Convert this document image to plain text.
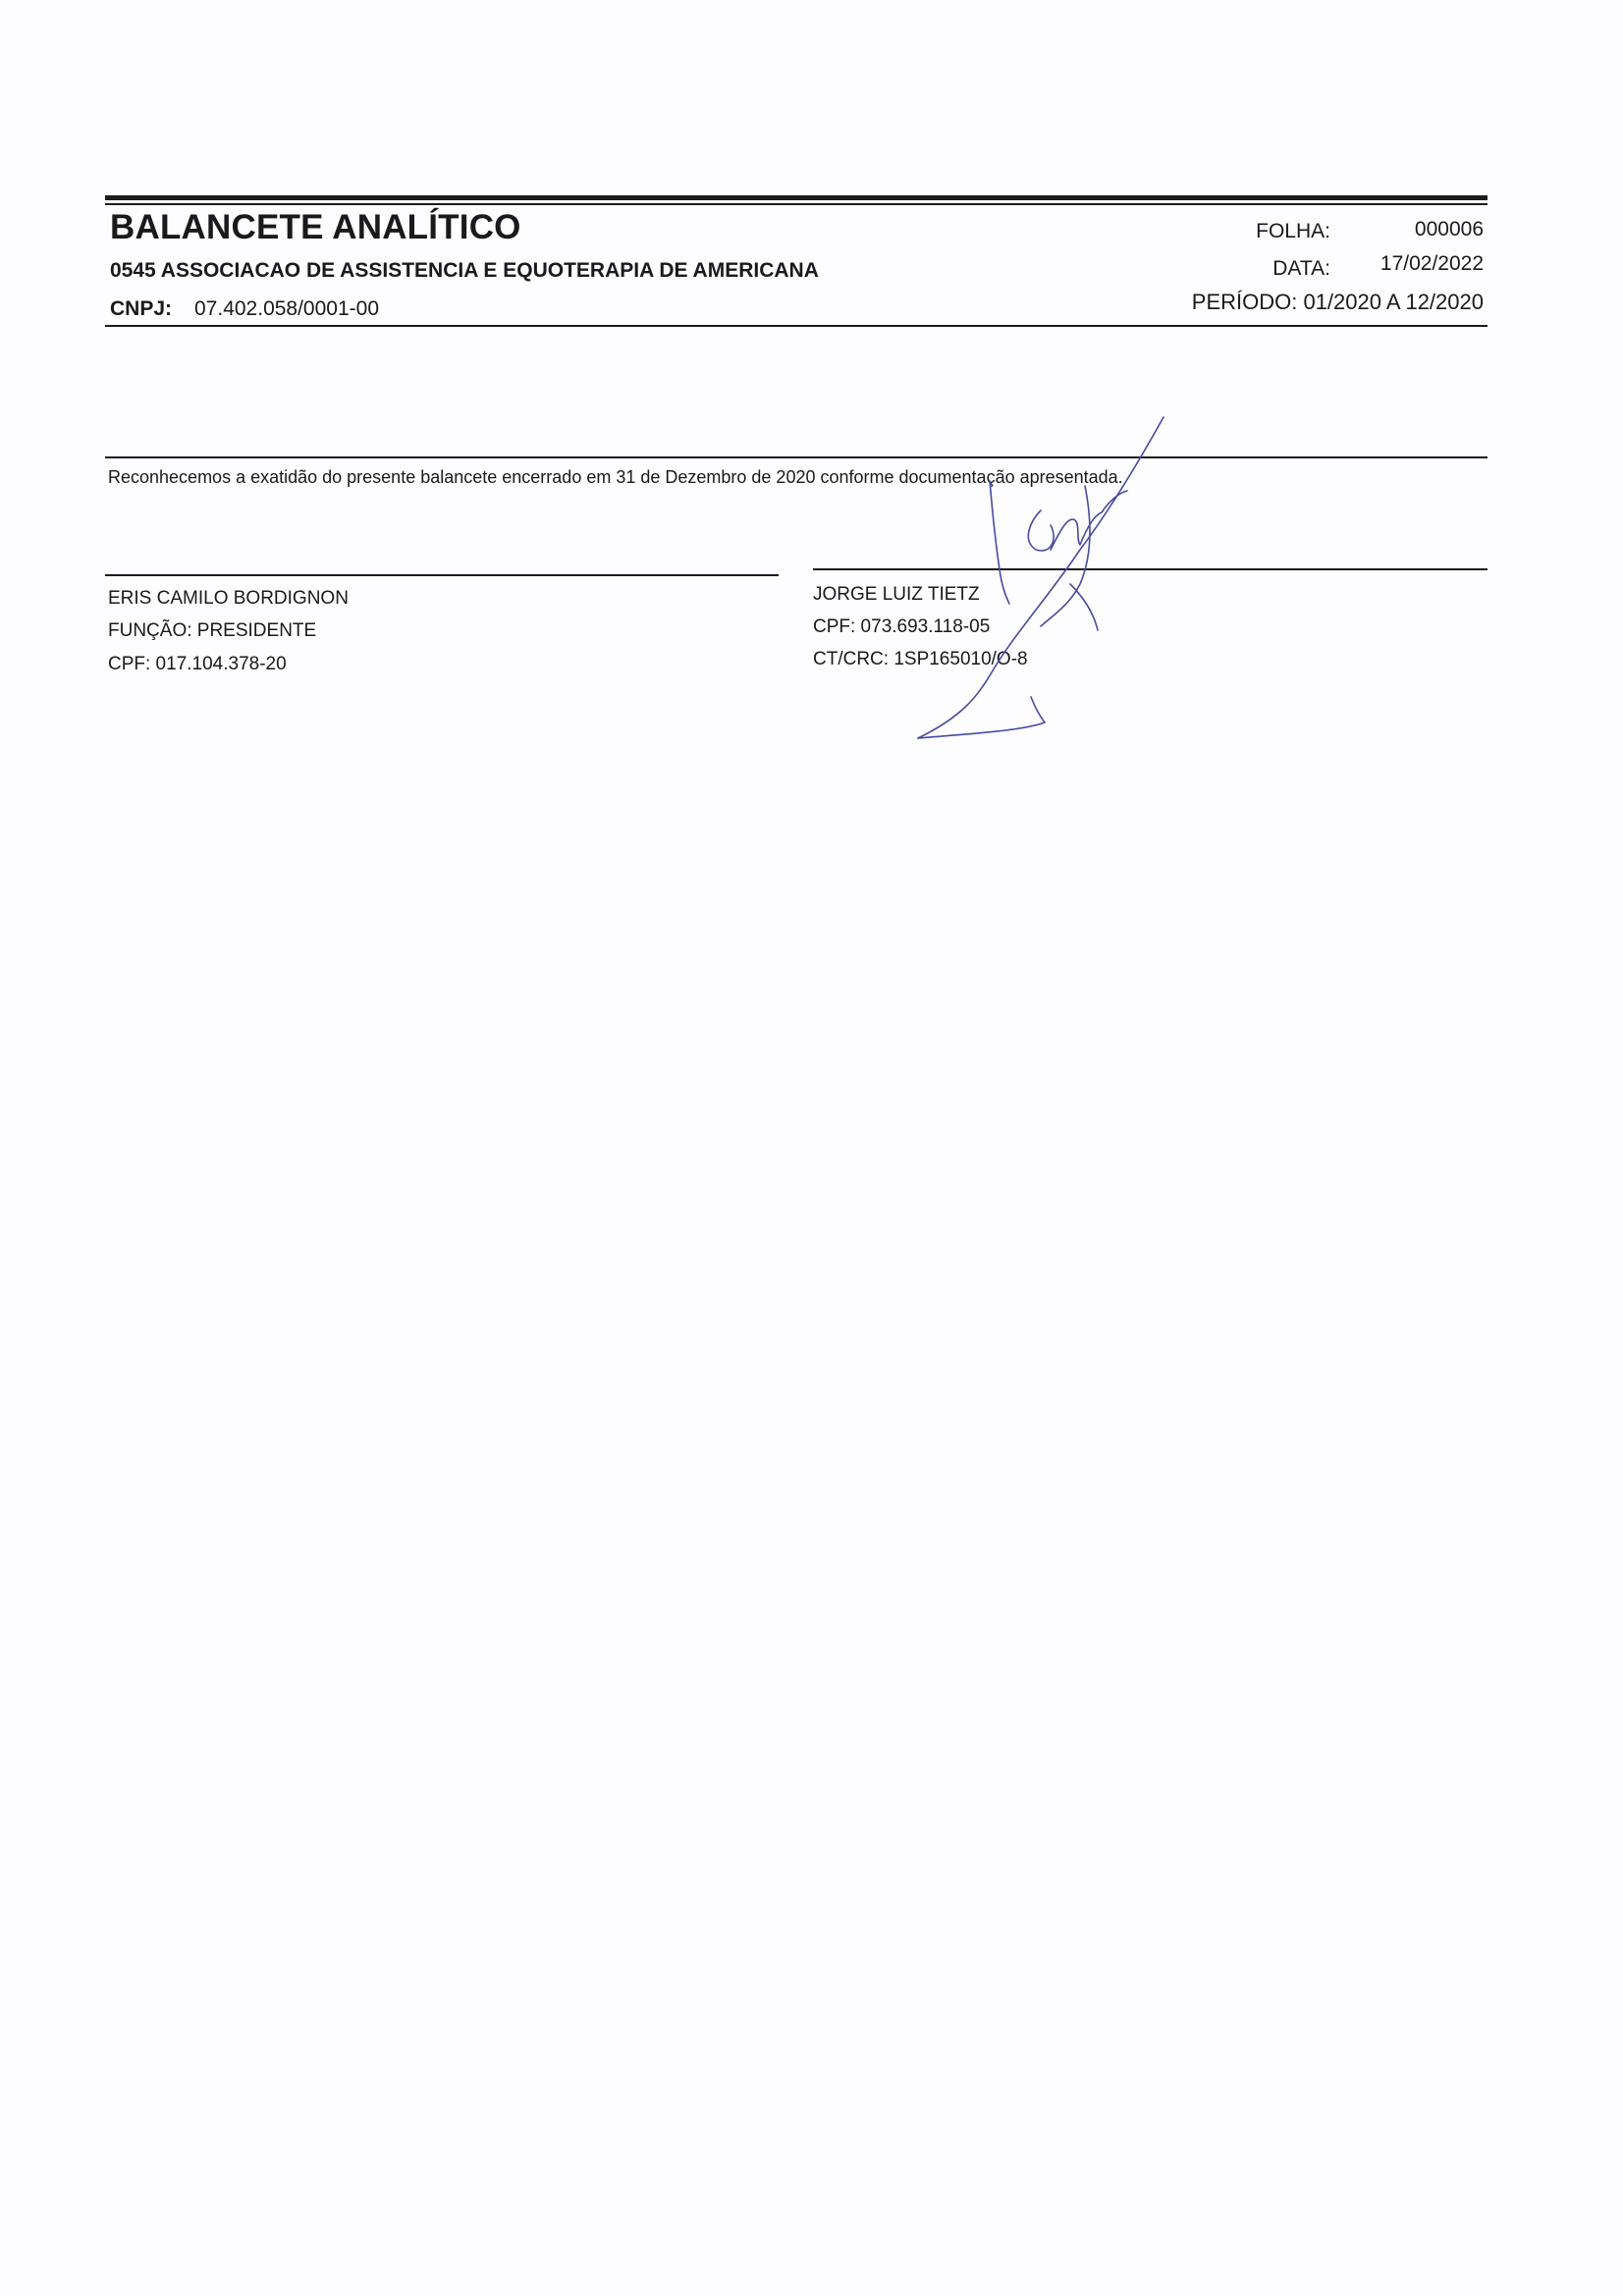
BALANCETE ANALÍTICO
0545 ASSOCIACAO DE ASSISTENCIA E EQUOTERAPIA DE AMERICANA
CNPJ: 07.402.058/0001-00
FOLHA:	000006
DATA: 17/02/2022
PERÍODO: 01/2020 A 12/2020
Reconhecemos a exatidão do presente balancete encerrado em 31 de Dezembro de 2020 conforme documentação apresentada.
ERIS CAMILO BORDIGNON
FUNÇÃO: PRESIDENTE
CPF: 017.104.378-20
JORGE LUIZ TIETZ
CPF: 073.693.118-05
CT/CRC: 1SP165010/O-8
